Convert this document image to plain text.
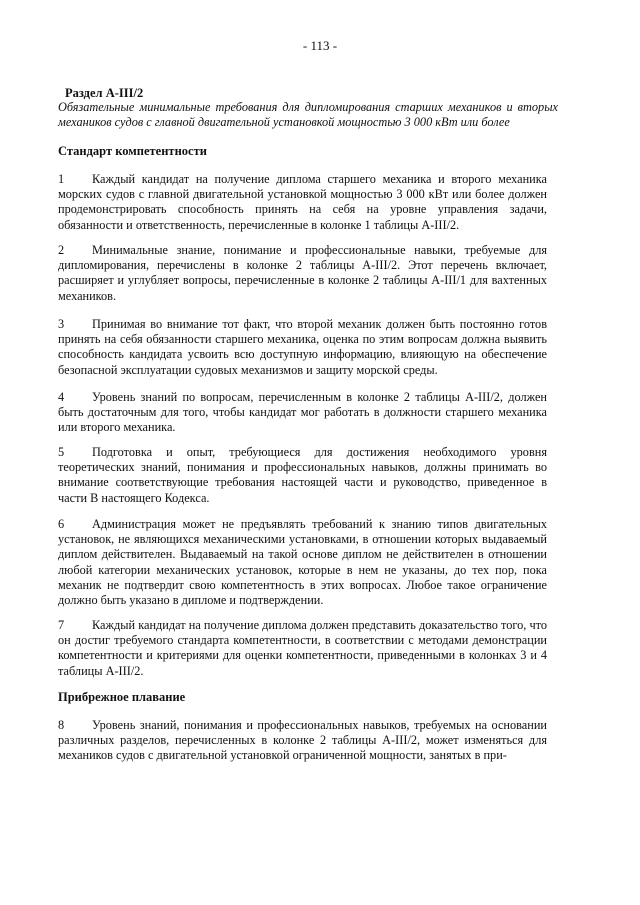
- 113 -
Раздел A-III/2
Обязательные минимальные требования для дипломирования старших механиков и вторых механиков судов с главной двигательной установкой мощностью 3 000 кВт или более
Стандарт компетентности
1 Каждый кандидат на получение диплома старшего механика и второго механика морских судов с главной двигательной установкой мощностью 3 000 кВт или более должен продемонстрировать способность принять на себя на уровне управления задачи, обязанности и ответственность, перечисленные в колонке 1 таблицы A-III/2.
2 Минимальные знание, понимание и профессиональные навыки, требуемые для дипломирования, перечислены в колонке 2 таблицы A-III/2. Этот перечень включает, расширяет и углубляет вопросы, перечисленные в колонке 2 таблицы A-III/1 для вахтенных механиков.
3 Принимая во внимание тот факт, что второй механик должен быть постоянно готов принять на себя обязанности старшего механика, оценка по этим вопросам должна выявить способность кандидата усвоить всю доступную информацию, влияющую на обеспечение безопасной эксплуатации судовых механизмов и защиту морской среды.
4 Уровень знаний по вопросам, перечисленным в колонке 2 таблицы A-III/2, должен быть достаточным для того, чтобы кандидат мог работать в должности старшего механика или второго механика.
5 Подготовка и опыт, требующиеся для достижения необходимого уровня теоретических знаний, понимания и профессиональных навыков, должны принимать во внимание соответствующие требования настоящей части и руководство, приведенное в части B настоящего Кодекса.
6 Администрация может не предъявлять требований к знанию типов двигательных установок, не являющихся механическими установками, в отношении которых выдаваемый диплом действителен. Выдаваемый на такой основе диплом не действителен в отношении любой категории механических установок, которые в нем не указаны, до тех пор, пока механик не подтвердит свою компетентность в этих вопросах. Любое такое ограничение должно быть указано в дипломе и подтверждении.
7 Каждый кандидат на получение диплома должен представить доказательство того, что он достиг требуемого стандарта компетентности, в соответствии с методами демонстрации компетентности и критериями для оценки компетентности, приведенными в колонках 3 и 4 таблицы A-III/2.
Прибрежное плавание
8 Уровень знаний, понимания и профессиональных навыков, требуемых на основании различных разделов, перечисленных в колонке 2 таблицы A-III/2, может изменяться для механиков судов с двигательной установкой ограниченной мощности, занятых в при-
